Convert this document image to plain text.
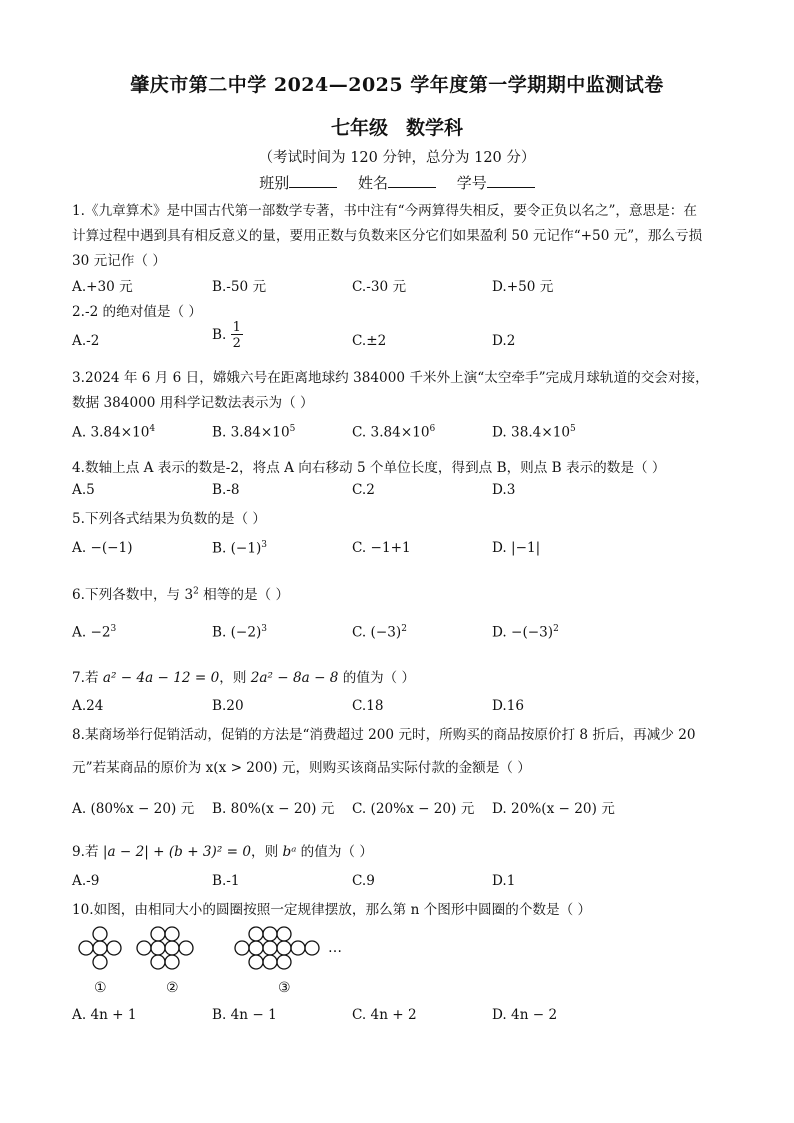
肇庆市第二中学 2024—2025 学年度第一学期期中监测试卷
七年级 数学科
（考试时间为 120 分钟，总分为 120 分）
班别	姓名	学号
1.《九章算术》是中国古代第一部数学专著，书中注有“今两算得失相反，要令正负以名之”，意思是：在
计算过程中遇到具有相反意义的量，要用正数与负数来区分它们如果盈利 50 元记作“+50 元”，那么亏损
30 元记作（ ）
A.+30 元	B.-50 元	C.-30 元	D.+50 元
2.-2 的绝对值是（ ）
A.-2	B. $\frac{1}{2}$	C.±2	D.2
3.2024 年 6 月 6 日，嫦娥六号在距离地球约 384000 千米外上演“太空牵手”完成月球轨道的交会对接，
数据 384000 用科学记数法表示为（ ）
A. $3.84\times 10^4$	B. $3.84\times 10^5$	C. $3.84\times 10^6$	D. $38.4\times 10^5$
4.数轴上点 A 表示的数是-2，将点 A 向右移动 5 个单位长度，得到点 B，则点 B 表示的数是（ ）
A.5	B.-8	C.2	D.3
5.下列各式结果为负数的是（ ）
A. −(−1)	B. $(-1)^3$	C. −1+1	D. |−1|
6.下列各数中，与 $3^2$ 相等的是（ ）
A. $-2^3$	B. $(-2)^3$	C. $(-3)^2$	D. $-(-3)^2$
7.若 a² − 4a − 12 = 0，则 2a² − 8a − 8 的值为（ ）
A.24	B.20	C.18	D.16
8.某商场举行促销活动，促销的方法是“消费超过 200 元时，所购买的商品按原价打 8 折后，再减少 20
元”若某商品的原价为 x(x > 200) 元，则购买该商品实际付款的金额是（ ）
A. (80%x − 20) 元 B. 80%(x − 20) 元 C. (20%x − 20) 元 D. 20%(x − 20) 元
9.若 |a − 2| + (b + 3)² = 0，则 bᵃ 的值为（ ）
A.-9	B.-1	C.9	D.1
10.如图，由相同大小的圆圈按照一定规律摆放，那么第 n 个图形中圆圈的个数是（ ）
①	②	③
…
A. 4n + 1	B. 4n − 1	C. 4n + 2	D. 4n − 2
